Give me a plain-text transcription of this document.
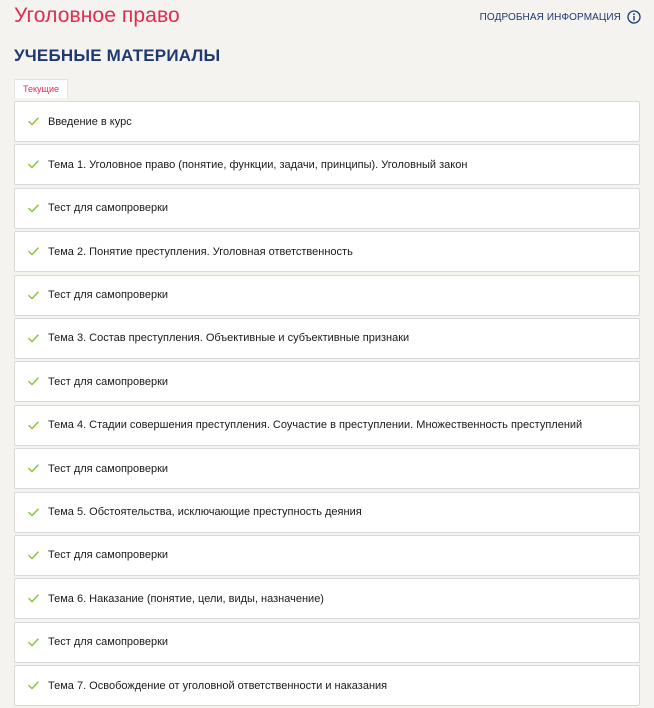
Уголовное право	ПОДРОБНАЯ ИНФОРМАЦИЯ
УЧЕБНЫЕ МАТЕРИАЛЫ
Текущие
Введение в курс
Тема 1. Уголовное право (понятие, функции, задачи, принципы). Уголовный закон
Тест для самопроверки
Тема 2. Понятие преступления. Уголовная ответственность
Тест для самопроверки
Тема 3. Состав преступления. Объективные и субъективные признаки
Тест для самопроверки
Тема 4. Стадии совершения преступления. Соучастие в преступлении. Множественность преступлений
Тест для самопроверки
Тема 5. Обстоятельства, исключающие преступность деяния
Тест для самопроверки
Тема 6. Наказание (понятие, цели, виды, назначение)
Тест для самопроверки
Тема 7. Освобождение от уголовной ответственности и наказания
